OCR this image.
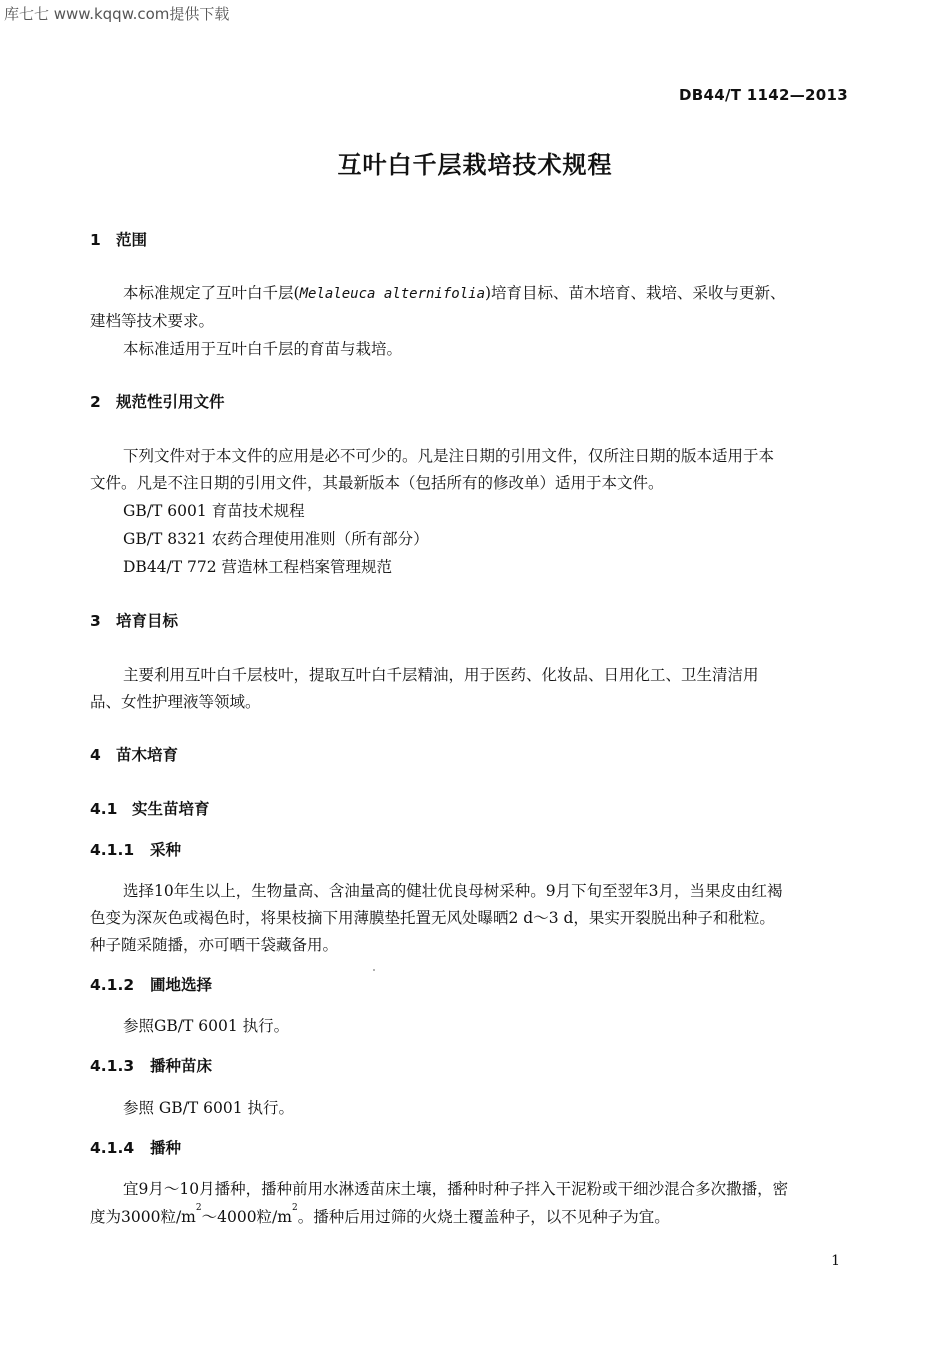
库七七 www.kqqw.com提供下载
DB44/T 1142—2013
互叶白千层栽培技术规程
1 范围
本标准规定了互叶白千层(Melaleuca alternifolia)培育目标、苗木培育、栽培、采收与更新、
建档等技术要求。
本标准适用于互叶白千层的育苗与栽培。
2 规范性引用文件
下列文件对于本文件的应用是必不可少的。凡是注日期的引用文件，仅所注日期的版本适用于本
文件。凡是不注日期的引用文件，其最新版本（包括所有的修改单）适用于本文件。
GB/T 6001 育苗技术规程
GB/T 8321 农药合理使用准则（所有部分）
DB44/T 772 营造林工程档案管理规范
3 培育目标
主要利用互叶白千层枝叶，提取互叶白千层精油，用于医药、化妆品、日用化工、卫生清洁用
品、女性护理液等领域。
4 苗木培育
4.1 实生苗培育
4.1.1 采种
选择10年生以上，生物量高、含油量高的健壮优良母树采种。9月下旬至翌年3月，当果皮由红褐
色变为深灰色或褐色时，将果枝摘下用薄膜垫托置无风处曝晒2 d～3 d，果实开裂脱出种子和秕粒。
种子随采随播，亦可晒干袋藏备用。
4.1.2 圃地选择
参照GB/T 6001 执行。
4.1.3 播种苗床
参照 GB/T 6001 执行。
4.1.4 播种
宜9月～10月播种，播种前用水淋透苗床土壤，播种时种子拌入干泥粉或干细沙混合多次撒播，密
度为3000粒$/m^2\sim 4000$粒$/m^2$。播种后用过筛的火烧土覆盖种子，以不见种子为宜。
1
